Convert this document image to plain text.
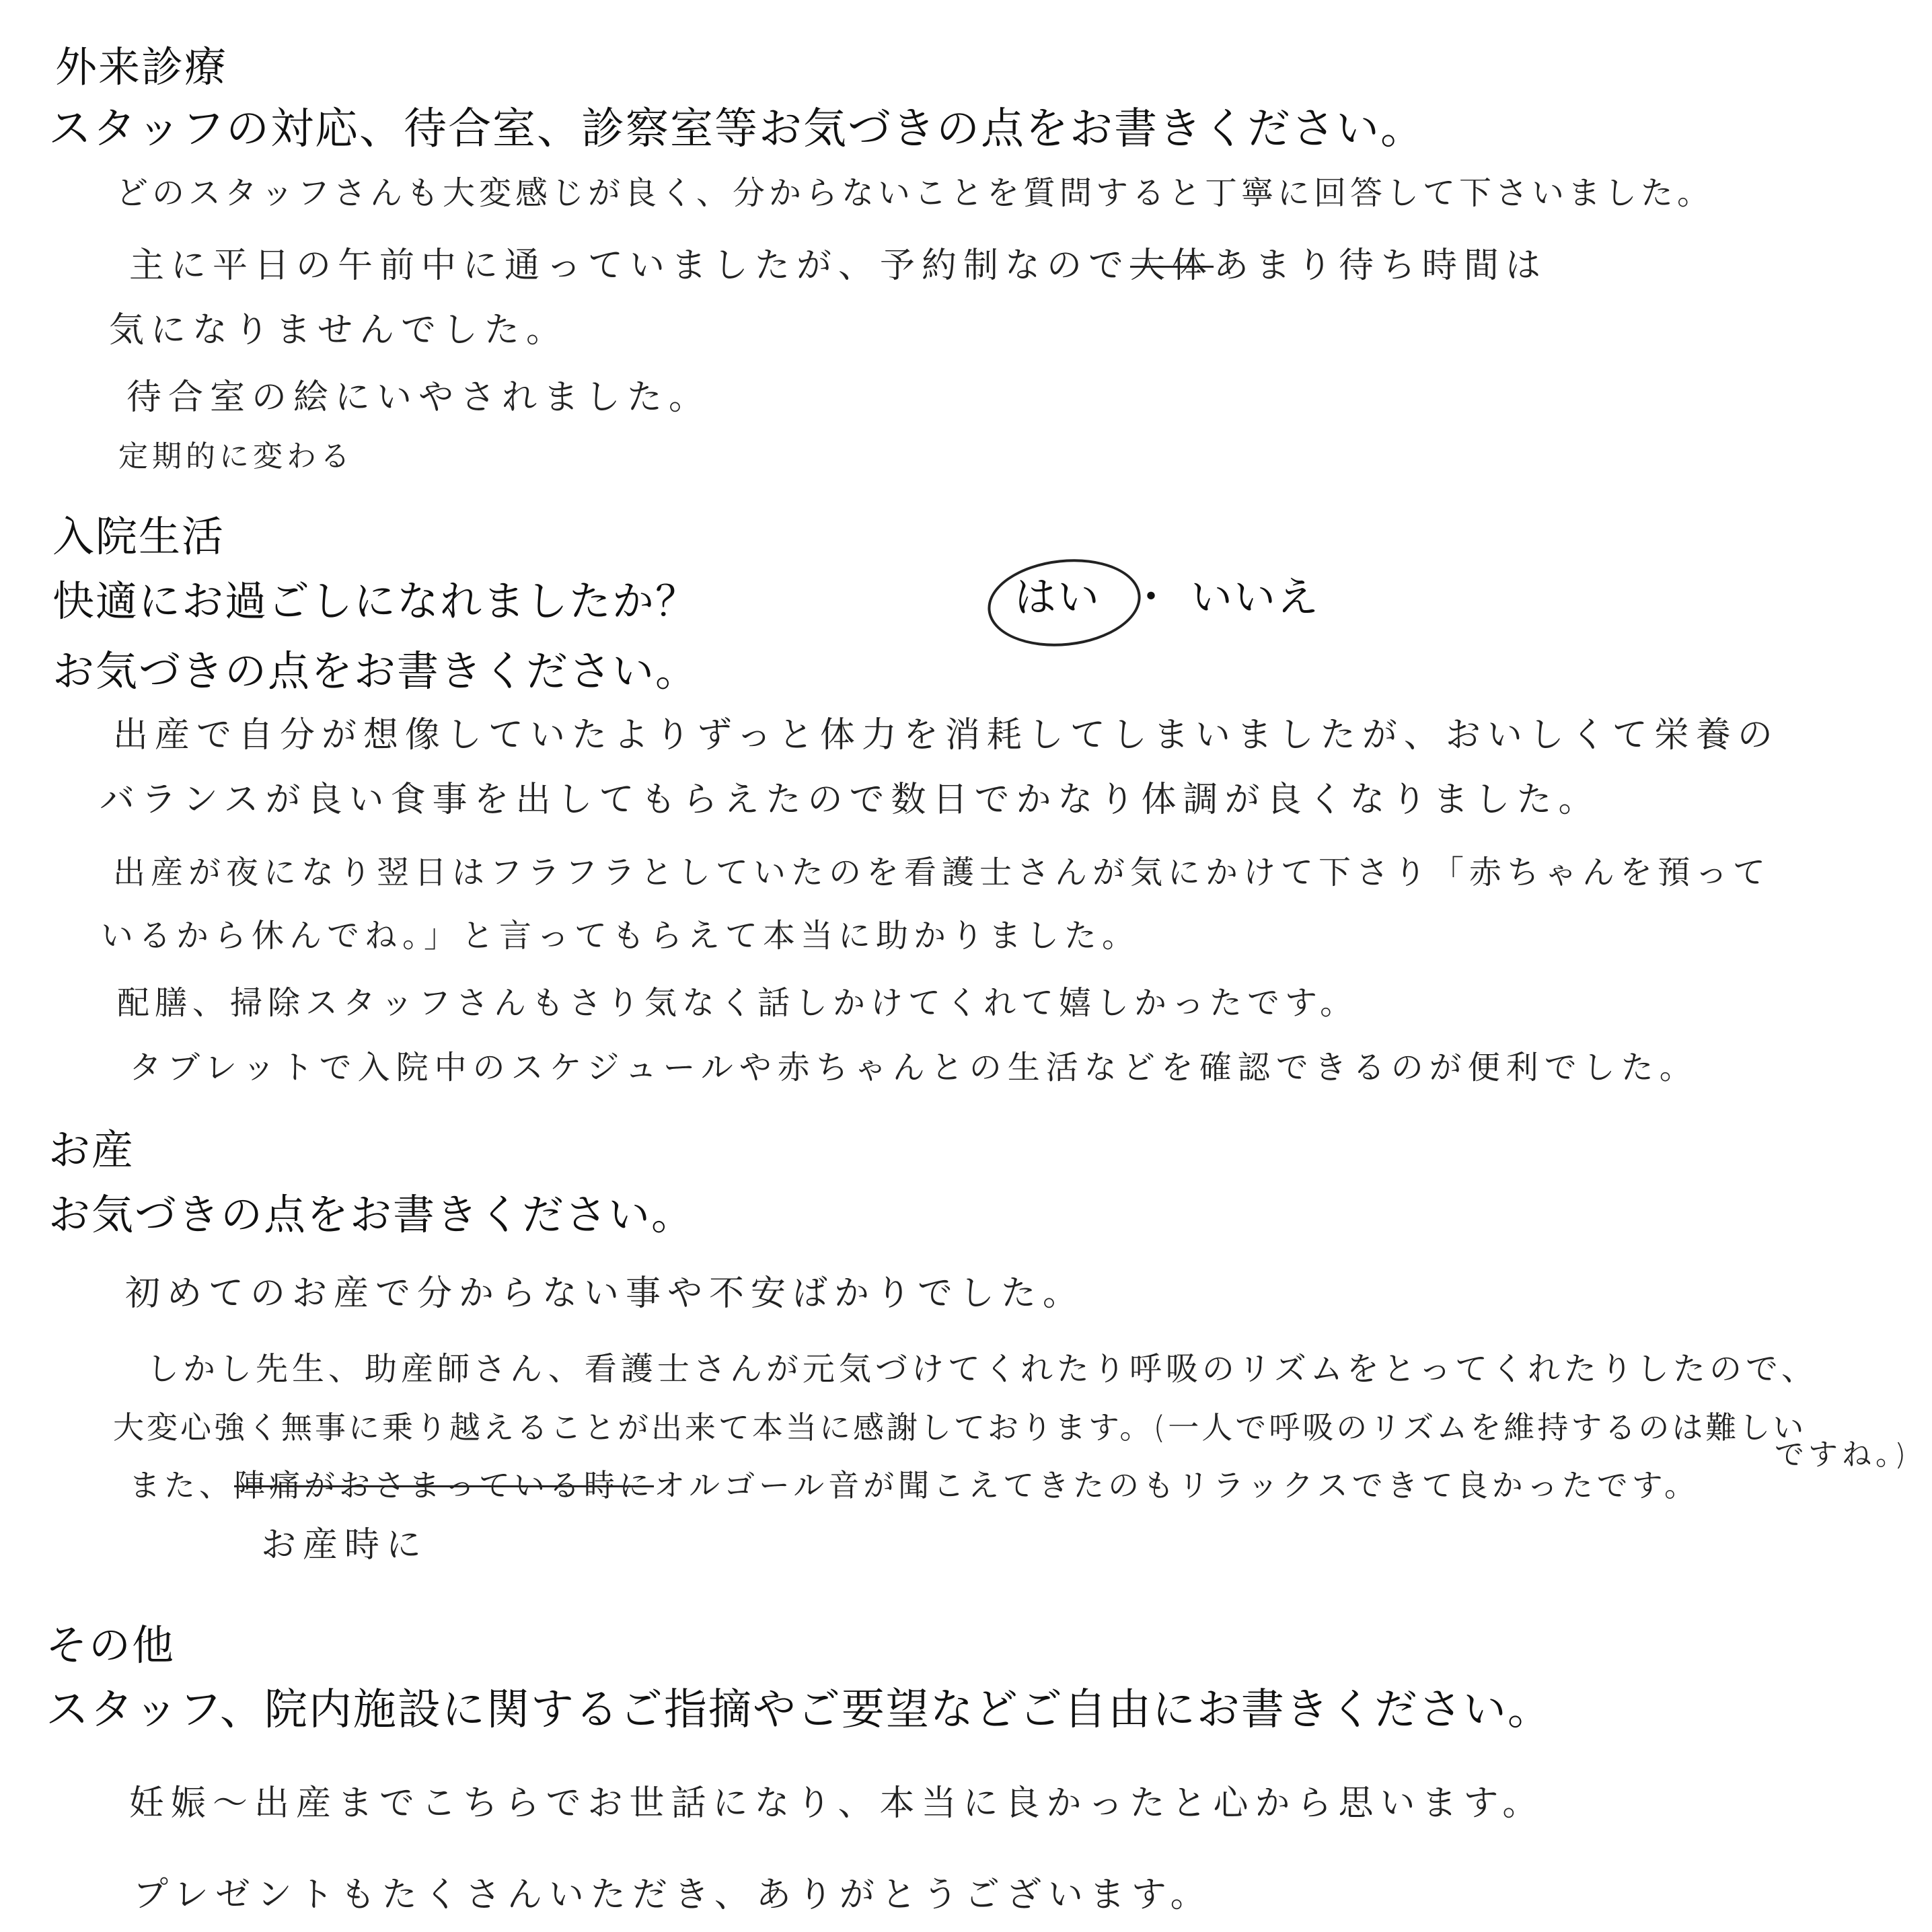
外来診療
スタッフの対応、待合室、診察室等お気づきの点をお書きください。
どのスタッフさんも大変感じが良く、分からないことを質問すると丁寧に回答して下さいました。
主に平日の午前中に通っていましたが、予約制なので大体あまり待ち時間は
気になりませんでした。
待合室の絵にいやされました。
定期的に変わる
入院生活
快適にお過ごしになれましたか？	はい ・ いいえ
お気づきの点をお書きください。
出産で自分が想像していたよりずっと体力を消耗してしまいましたが、おいしくて栄養の
バランスが良い食事を出してもらえたので数日でかなり体調が良くなりました。
出産が夜になり翌日はフラフラとしていたのを看護士さんが気にかけて下さり「赤ちゃんを預って
いるから休んでね。」と言ってもらえて本当に助かりました。
配膳、掃除スタッフさんもさり気なく話しかけてくれて嬉しかったです。
タブレットで入院中のスケジュールや赤ちゃんとの生活などを確認できるのが便利でした。
お産
お気づきの点をお書きください。
初めてのお産で分からない事や不安ばかりでした。
しかし先生、助産師さん、看護士さんが元気づけてくれたり呼吸のリズムをとってくれたりしたので、
大変心強く無事に乗り越えることが出来て本当に感謝しております。(一人で呼吸のリズムを維持するのは難しい
ですね。)
また、陣痛がおさまっている時にオルゴール音が聞こえてきたのもリラックスできて良かったです。
お産時に
その他
スタッフ、院内施設に関するご指摘やご要望などご自由にお書きください。
妊娠～出産までこちらでお世話になり、本当に良かったと心から思います。
プレゼントもたくさんいただき、ありがとうございます。
